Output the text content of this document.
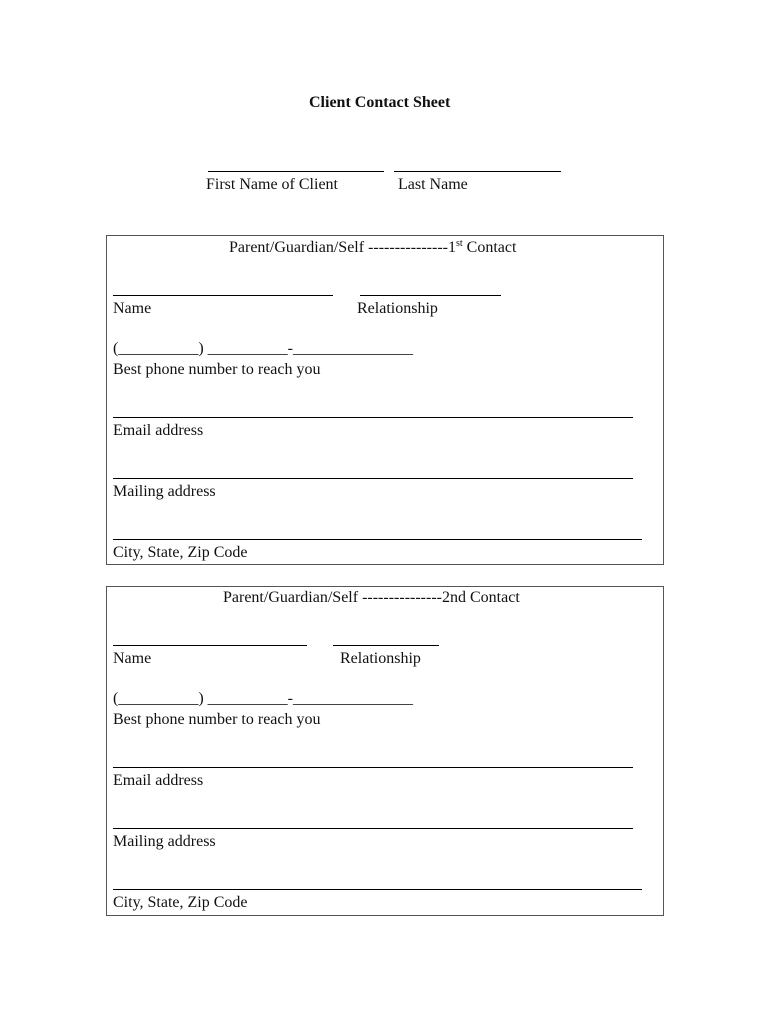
Client Contact Sheet
First Name of Client	Last Name
Parent/Guardian/Self ---------------1st Contact
Name	Relationship
(__________) __________-_______________
Best phone number to reach you
Email address
Mailing address
City, State, Zip Code
Parent/Guardian/Self ---------------2nd Contact
Name	Relationship
(__________) __________-_______________
Best phone number to reach you
Email address
Mailing address
City, State, Zip Code
